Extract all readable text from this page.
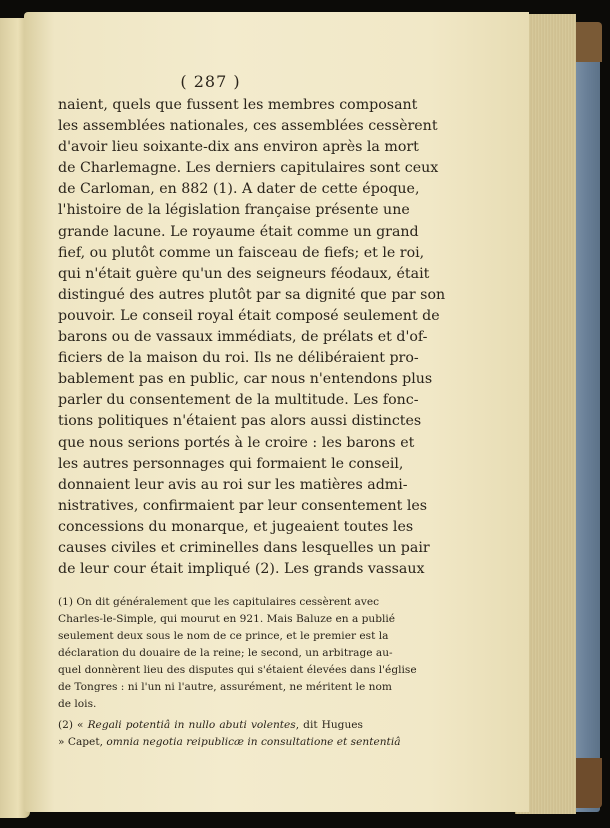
( 287 )
naient, quels que fussent les membres composant
les assemblées nationales, ces assemblées cessèrent
d'avoir lieu soixante-dix ans environ après la mort
de Charlemagne. Les derniers capitulaires sont ceux
de Carloman, en 882 (1). A dater de cette époque,
l'histoire de la législation française présente une
grande lacune. Le royaume était comme un grand
fief, ou plutôt comme un faisceau de fiefs; et le roi,
qui n'était guère qu'un des seigneurs féodaux, était
distingué des autres plutôt par sa dignité que par son
pouvoir. Le conseil royal était composé seulement de
barons ou de vassaux immédiats, de prélats et d'of-
ficiers de la maison du roi. Ils ne délibéraient pro-
bablement pas en public, car nous n'entendons plus
parler du consentement de la multitude. Les fonc-
tions politiques n'étaient pas alors aussi distinctes
que nous serions portés à le croire : les barons et
les autres personnages qui formaient le conseil,
donnaient leur avis au roi sur les matières admi-
nistratives, confirmaient par leur consentement les
concessions du monarque, et jugeaient toutes les
causes civiles et criminelles dans lesquelles un pair
de leur cour était impliqué (2). Les grands vassaux
(1) On dit généralement que les capitulaires cessèrent avec
Charles-le-Simple, qui mourut en 921. Mais Baluze en a publié
seulement deux sous le nom de ce prince, et le premier est la
déclaration du douaire de la reine; le second, un arbitrage au-
quel donnèrent lieu des disputes qui s'étaient élevées dans l'église
de Tongres : ni l'un ni l'autre, assurément, ne méritent le nom
de lois.
(2) « Regali potentiâ in nullo abuti volentes, dit Hugues
» Capet, omnia negotia reipublicæ in consultatione et sententiâ
